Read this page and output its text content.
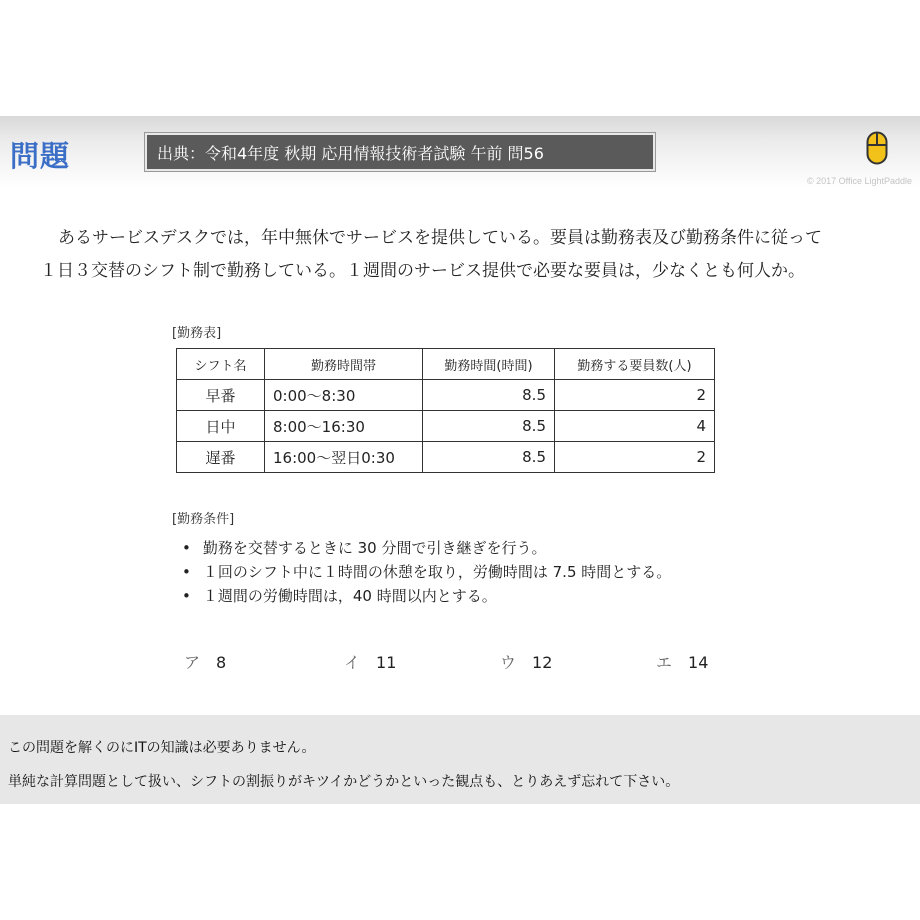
問題	出典：令和4年度 秋期 応用情報技術者試験 午前 問56
© 2017 Office LightPaddle

あるサービスデスクでは，年中無休でサービスを提供している。要員は勤務表及び勤務条件に従って

１日３交替のシフト制で勤務している。１週間のサービス提供で必要な要員は，少なくとも何人か。

[勤務表]
シフト名	勤務時間帯	勤務時間(時間)	勤務する要員数(人)
早番	0:00～8:30	8.5	2
日中	8:00～16:30	8.5	4
遅番	16:00～翌日0:30	8.5	2
[勤務条件]
• 勤務を交替するときに 30 分間で引き継ぎを行う。
• １回のシフト中に１時間の休憩を取り，労働時間は 7.5 時間とする。
• １週間の労働時間は，40 時間以内とする。
ア 8	イ 11	ウ 12	エ 14

この問題を解くのにITの知識は必要ありません。

単純な計算問題として扱い、シフトの割振りがキツイかどうかといった観点も、とりあえず忘れて下さい。
